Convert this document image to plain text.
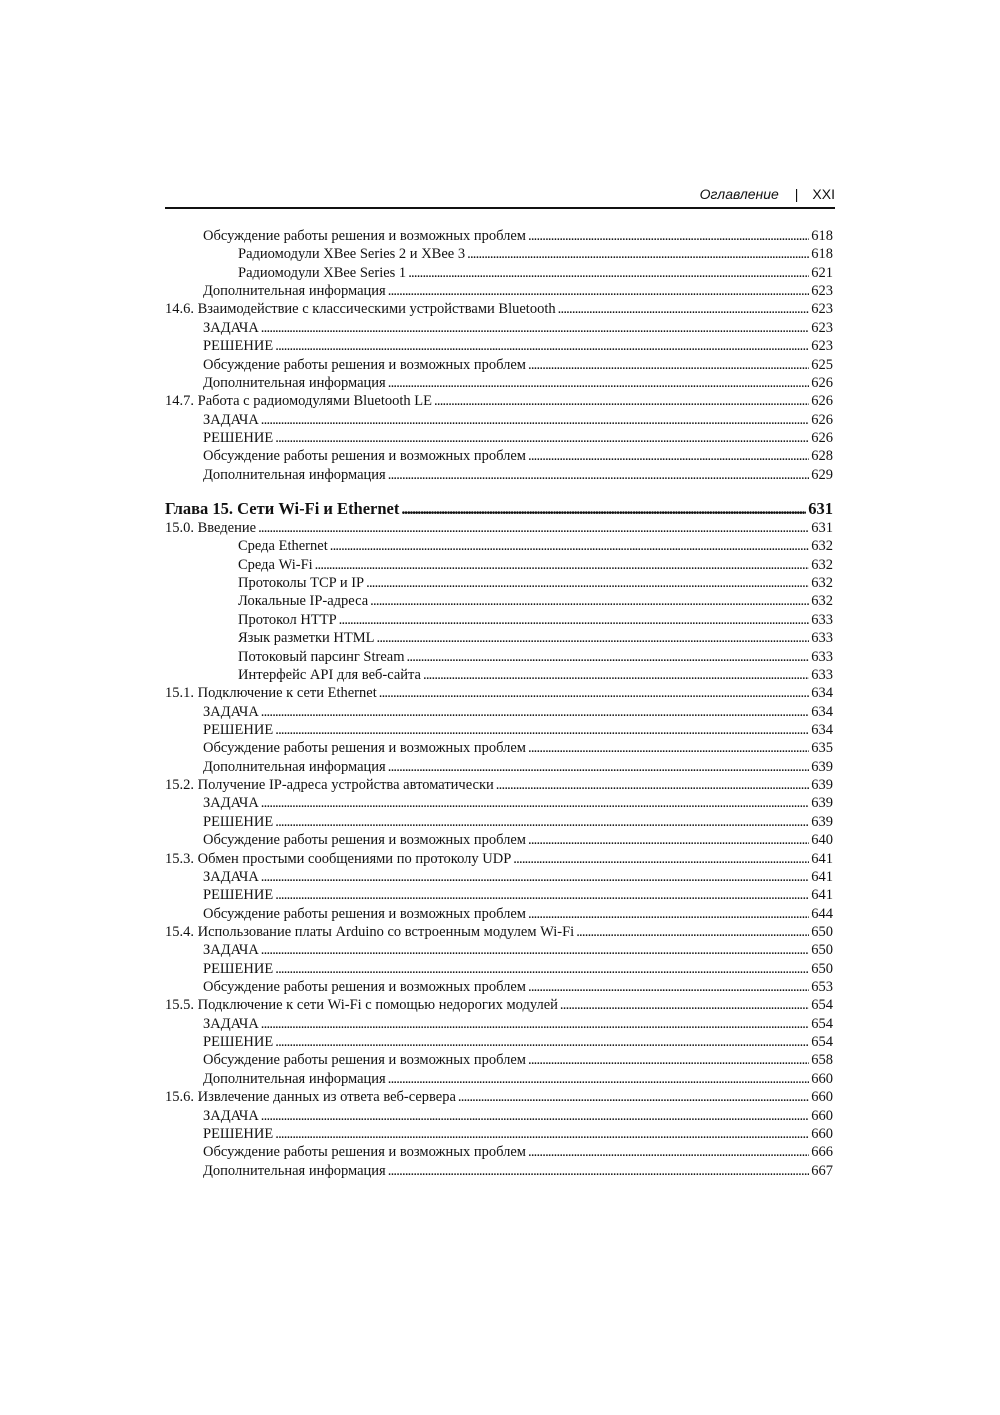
Оглавление | XXI
Обсуждение работы решения и возможных проблем . . .	618
Радиомодули XBee Series 2 и XBee 3 . . .	618
Радиомодули XBee Series 1 . . .	621
Дополнительная информация . . .	623
14.6. Взаимодействие с классическими устройствами Bluetooth . . .	623
ЗАДАЧА . . .	623
РЕШЕНИЕ . . .	623
Обсуждение работы решения и возможных проблем . . .	625
Дополнительная информация . . .	626
14.7. Работа с радиомодулями Bluetooth LE . . .	626
ЗАДАЧА . . .	626
РЕШЕНИЕ . . .	626
Обсуждение работы решения и возможных проблем . . .	628
Дополнительная информация . . .	629
Глава 15. Сети Wi-Fi и Ethernet . . .	631
15.0. Введение . . .	631
Среда Ethernet . . .	632
Среда Wi-Fi . . .	632
Протоколы TCP и IP . . .	632
Локальные IP-адреса . . .	632
Протокол HTTP . . .	633
Язык разметки HTML . . .	633
Потоковый парсинг Stream . . .	633
Интерфейс API для веб-сайта . . .	633
15.1. Подключение к сети Ethernet . . .	634
ЗАДАЧА . . .	634
РЕШЕНИЕ . . .	634
Обсуждение работы решения и возможных проблем . . .	635
Дополнительная информация . . .	639
15.2. Получение IP-адреса устройства автоматически . . .	639
ЗАДАЧА . . .	639
РЕШЕНИЕ . . .	639
Обсуждение работы решения и возможных проблем . . .	640
15.3. Обмен простыми сообщениями по протоколу UDP . . .	641
ЗАДАЧА . . .	641
РЕШЕНИЕ . . .	641
Обсуждение работы решения и возможных проблем . . .	644
15.4. Использование платы Arduino со встроенным модулем Wi-Fi . . .	650
ЗАДАЧА . . .	650
РЕШЕНИЕ . . .	650
Обсуждение работы решения и возможных проблем . . .	653
15.5. Подключение к сети Wi-Fi с помощью недорогих модулей . . .	654
ЗАДАЧА . . .	654
РЕШЕНИЕ . . .	654
Обсуждение работы решения и возможных проблем . . .	658
Дополнительная информация . . .	660
15.6. Извлечение данных из ответа веб-сервера . . .	660
ЗАДАЧА . . .	660
РЕШЕНИЕ . . .	660
Обсуждение работы решения и возможных проблем . . .	666
Дополнительная информация . . .	667
